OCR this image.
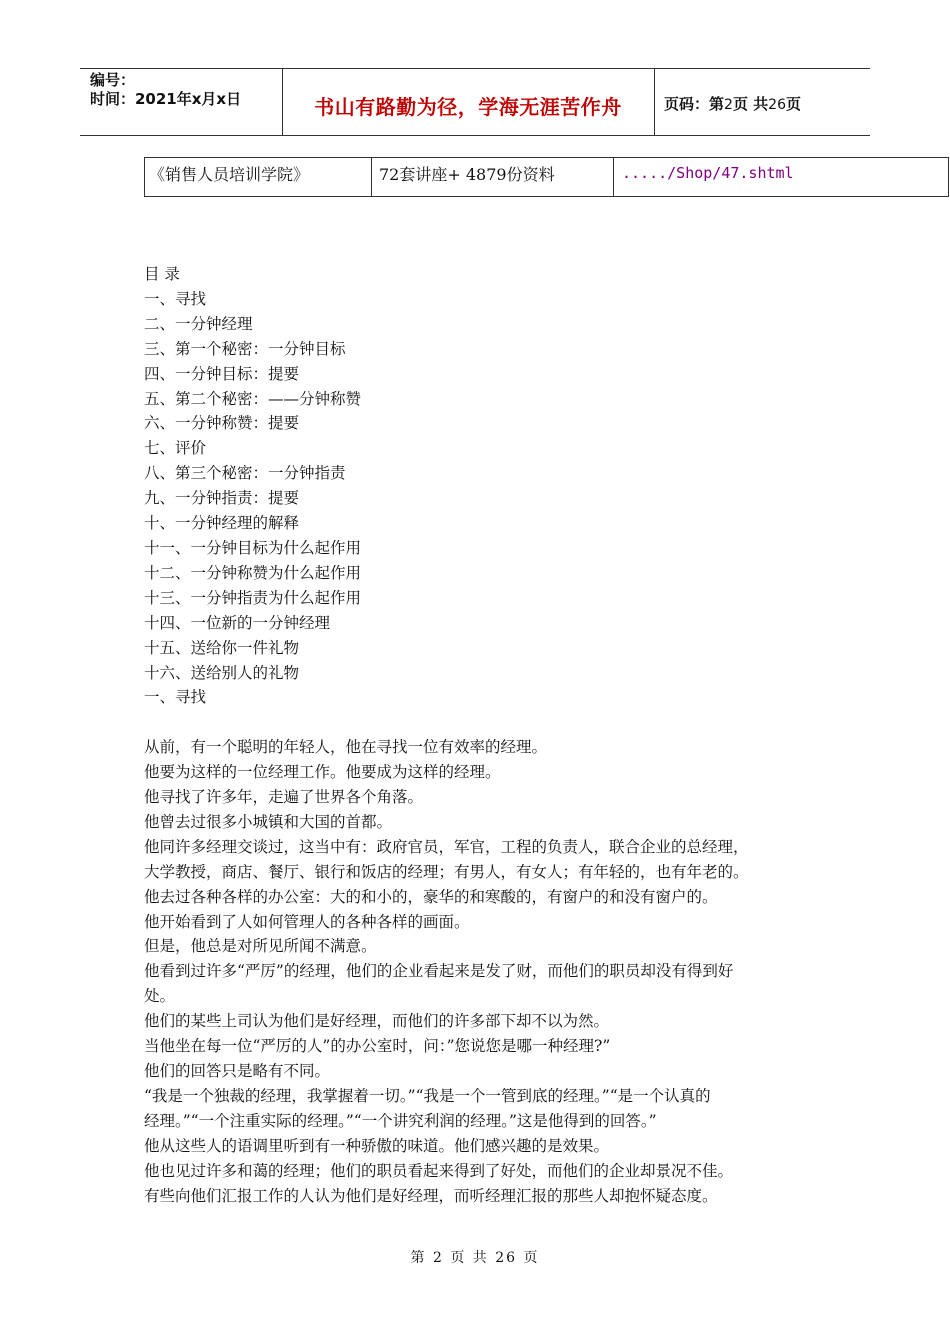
编号：
时间：2021年x月x日	书山有路勤为径，学海无涯苦作舟	页码：第2页 共26页
《销售人员培训学院》	72套讲座+ 4879份资料	...../Shop/47.shtml
目 录
一、寻找
二、一分钟经理
三、第一个秘密：一分钟目标
四、一分钟目标：提要
五、第二个秘密：——分钟称赞
六、一分钟称赞：提要
七、评价
八、第三个秘密：一分钟指责
九、一分钟指责：提要
十、一分钟经理的解释
十一、一分钟目标为什么起作用
十二、一分钟称赞为什么起作用
十三、一分钟指责为什么起作用
十四、一位新的一分钟经理
十五、送给你一件礼物
十六、送给别人的礼物
一、寻找
从前，有一个聪明的年轻人，他在寻找一位有效率的经理。
他要为这样的一位经理工作。他要成为这样的经理。
他寻找了许多年，走遍了世界各个角落。
他曾去过很多小城镇和大国的首都。
他同许多经理交谈过，这当中有：政府官员，军官，工程的负责人，联合企业的总经理，
大学教授，商店、餐厅、银行和饭店的经理；有男人，有女人；有年轻的，也有年老的。
他去过各种各样的办公室：大的和小的，豪华的和寒酸的，有窗户的和没有窗户的。
他开始看到了人如何管理人的各种各样的画面。
但是，他总是对所见所闻不满意。
他看到过许多“严厉”的经理，他们的企业看起来是发了财，而他们的职员却没有得到好
处。
他们的某些上司认为他们是好经理，而他们的许多部下却不以为然。
当他坐在每一位“严厉的人”的办公室时，问：”您说您是哪一种经理?”
他们的回答只是略有不同。
“我是一个独裁的经理，我掌握着一切。”“我是一个一管到底的经理。”“是一个认真的
经理。”“一个注重实际的经理。”“一个讲究利润的经理。”这是他得到的回答。”
他从这些人的语调里听到有一种骄傲的味道。他们感兴趣的是效果。
他也见过许多和蔼的经理；他们的职员看起来得到了好处，而他们的企业却景况不佳。
有些向他们汇报工作的人认为他们是好经理，而听经理汇报的那些人却抱怀疑态度。
第 2 页 共 26 页
